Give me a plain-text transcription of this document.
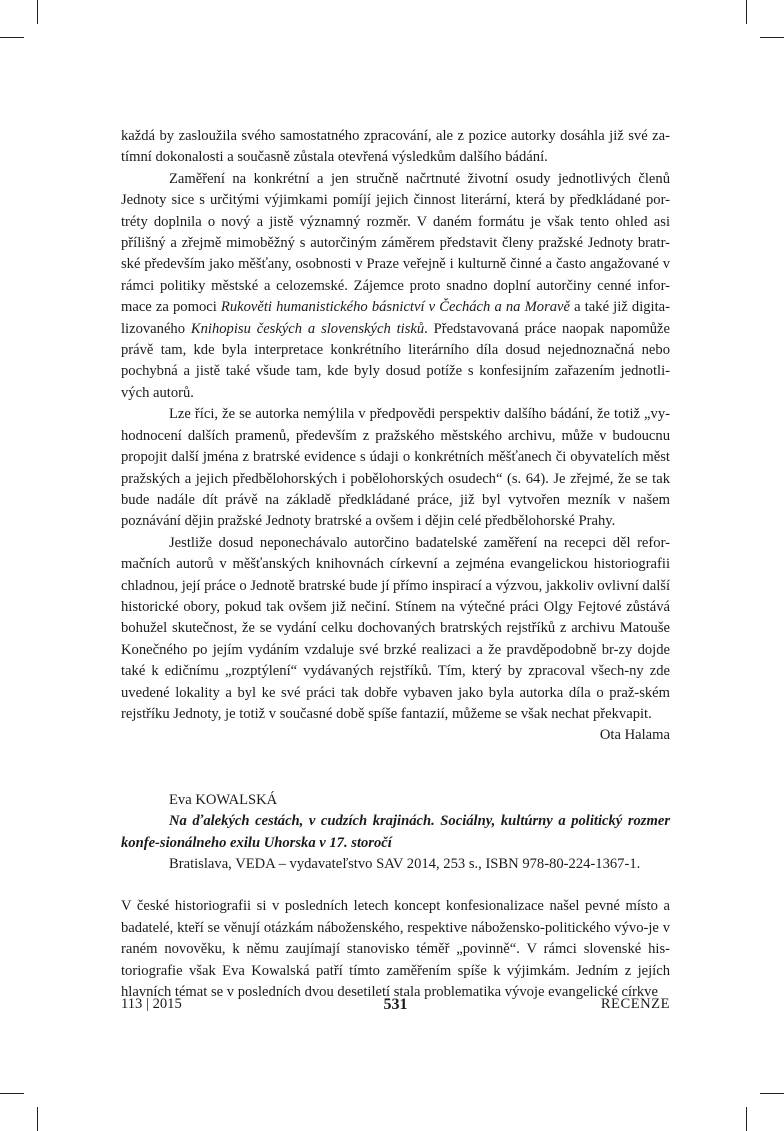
každá by zasloužila svého samostatného zpracování, ale z pozice autorky dosáhla již své za-tímní dokonalosti a současně zůstala otevřená výsledkům dalšího bádání.

Zaměření na konkrétní a jen stručně načrtnuté životní osudy jednotlivých členů Jednoty sice s určitými výjimkami pomíjí jejich činnost literární, která by předkládané por-tréty doplnila o nový a jistě významný rozměr. V daném formátu je však tento ohled asi přílišný a zřejmě mimoběžný s autorčiným záměrem představit členy pražské Jednoty bratr-ské především jako měšťany, osobnosti v Praze veřejně i kulturně činné a často angažované v rámci politiky městské a celozemské. Zájemce proto snadno doplní autorčiny cenné infor-mace za pomoci Rukověti humanistického básnictví v Čechách a na Moravě a také již digita-lizovaného Knihopisu českých a slovenských tisků. Představovaná práce naopak napomůže právě tam, kde byla interpretace konkrétního literárního díla dosud nejednoznačná nebo pochybná a jistě také všude tam, kde byly dosud potíže s konfesijním zařazením jednotli-vých autorů.

Lze říci, že se autorka nemýlila v předpovědi perspektiv dalšího bádání, že totiž „vy-hodnocení dalších pramenů, především z pražského městského archivu, může v budoucnu propojit další jména z bratrské evidence s údaji o konkrétních měšťanech či obyvatelích měst pražských a jejich předbělohorských i pobělohorských osudech“ (s. 64). Je zřejmé, že se tak bude nadále dít právě na základě předkládané práce, již byl vytvořen mezník v našem poznávání dějin pražské Jednoty bratrské a ovšem i dějin celé předbělohorské Prahy.

Jestliže dosud neponechávalo autorčino badatelské zaměření na recepci děl refor-mačních autorů v měšťanských knihovnách církevní a zejména evangelickou historiografii chladnou, její práce o Jednotě bratrské bude jí přímo inspirací a výzvou, jakkoliv ovlivní další historické obory, pokud tak ovšem již nečiní. Stínem na výtečné práci Olgy Fejtové zůstává bohužel skutečnost, že se vydání celku dochovaných bratrských rejstříků z archivu Matouše Konečného po jejím vydáním vzdaluje své brzké realizaci a že pravděpodobně br-zy dojde také k edičnímu „rozptýlení“ vydávaných rejstříků. Tím, který by zpracoval všech-ny zde uvedené lokality a byl ke své práci tak dobře vybaven jako byla autorka díla o praž-ském rejstříku Jednoty, je totiž v současné době spíše fantazií, můžeme se však nechat překvapit.

Ota Halama

Eva KOWALSKÁ

Na ďalekých cestách, v cudzích krajinách. Sociálny, kultúrny a politický rozmer konfe-sionálneho exilu Uhorska v 17. storočí

Bratislava, VEDA – vydavateľstvo SAV 2014, 253 s., ISBN 978-80-224-1367-1.

V české historiografii si v posledních letech koncept konfesionalizace našel pevné místo a badatelé, kteří se věnují otázkám náboženského, respektive nábožensko-politického vývo-je v raném novověku, k němu zaujímají stanovisko téměř „povinně“. V rámci slovenské his-toriografie však Eva Kowalská patří tímto zaměřením spíše k výjimkám. Jedním z jejích hlavních témat se v posledních dvou desetiletí stala problematika vývoje evangelické církve

113 | 2015	531	RECENZE
